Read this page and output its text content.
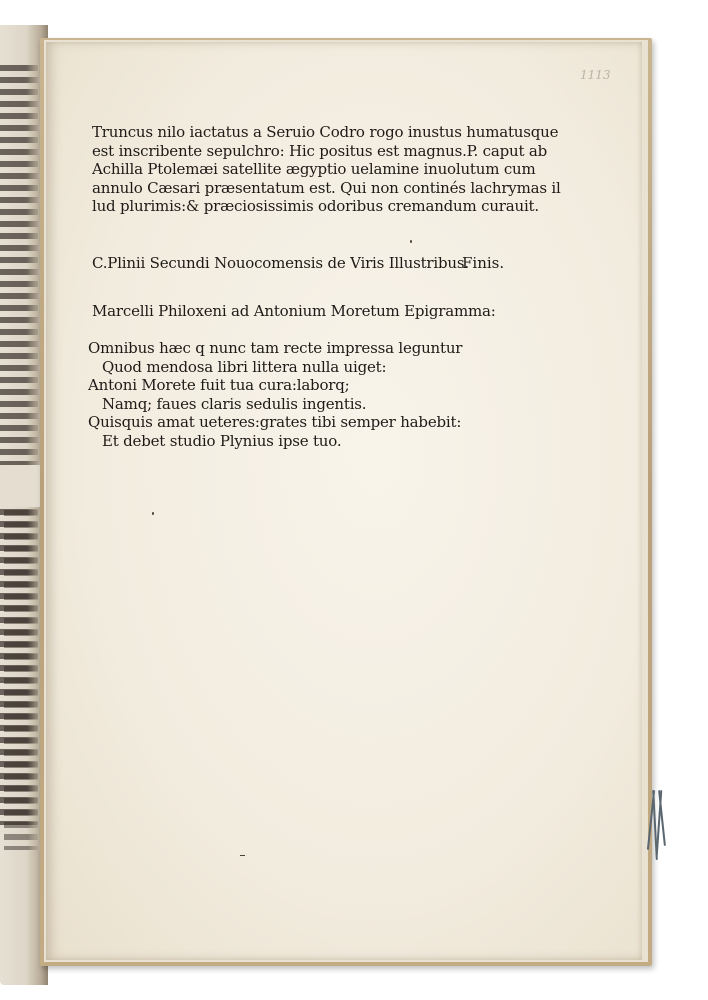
1113
Truncus nilo iactatus a Seruio Codro rogo inustus humatusque
est inscribente sepulchro: Hic positus est magnus.P. caput ab
Achilla Ptolemæi satellite ægyptio uelamine inuolutum cum
annulo Cæsari præsentatum est. Qui non continés lachrymas il
lud plurimis:& præciosissimis odoribus cremandum curauit.
C.Plinii Secundi Nouocomensis de Viris Illustribus.
Finis.
Marcelli Philoxeni ad Antonium Moretum Epigramma:
Omnibus hæc q nunc tam recte impressa leguntur
Quod mendosa libri littera nulla uiget:
Antoni Morete fuit tua cura:laborq;
Namq; faues claris sedulis ingentis.
Quisquis amat ueteres:grates tibi semper habebit:
Et debet studio Plynius ipse tuo.
